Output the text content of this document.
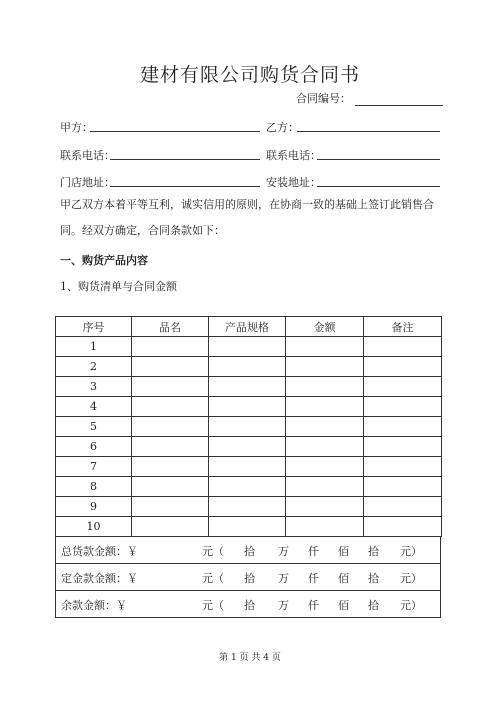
建材有限公司购货合同书
合同编号：
甲方：	乙方：
联系电话：	联系电话：
门店地址：	安装地址：
甲乙双方本着平等互利，诚实信用的原则，在协商一致的基础上签订此销售合同。经双方确定，合同条款如下：
一、购货产品内容
1、购货清单与合同金额
序号	品名	产品规格	金额	备注
1				
2				
3				
4				
5				
6				
7				
8				
9				
10				
总货款金额：￥	元（ 拾 万 仟 佰 拾 元）
定金款金额：￥	元（ 拾 万 仟 佰 拾 元）
余款金额：￥	元（ 拾 万 仟 佰 拾 元）
第 1 页 共 4 页
